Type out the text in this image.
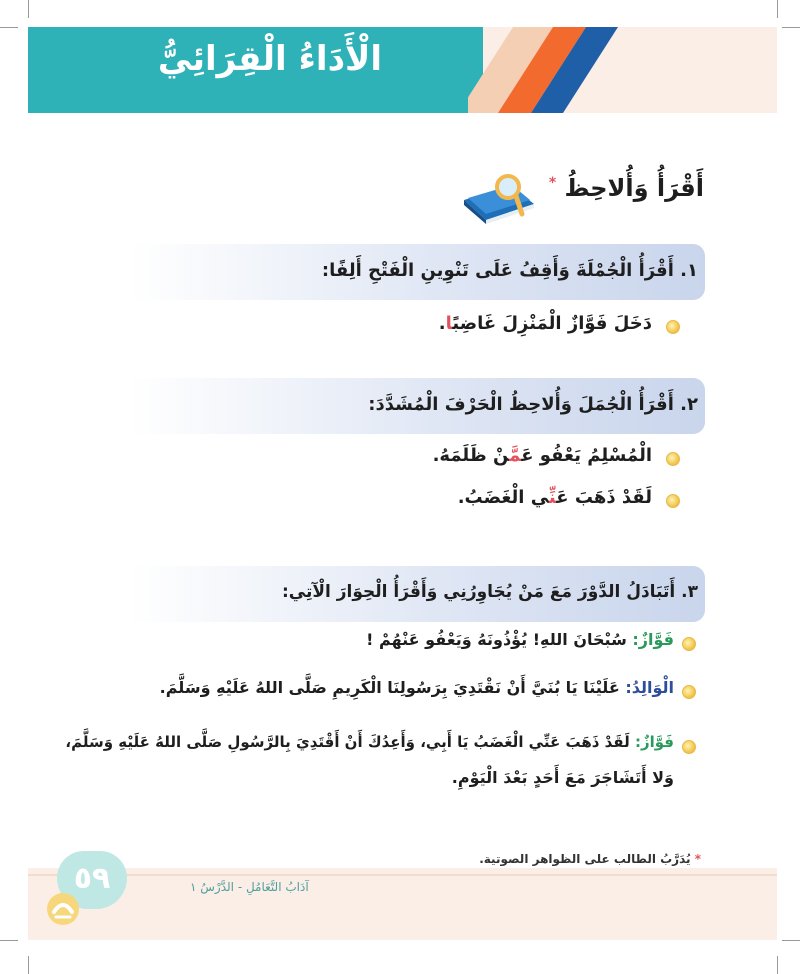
الْأَدَاءُ الْقِرَائِيُّ
أَقْرَأُ وَأُلاحِظُ *
١. أَقْرَأُ الْجُمْلَةَ وَأَقِفُ عَلَى تَنْوِينِ الْفَتْحِ أَلِفًا:
دَخَلَ فَوَّازٌ الْمَنْزِلَ غَاضِبًا.
٢. أَقْرَأُ الْجُمَلَ وَأُلاحِظُ الْحَرْفَ الْمُشَدَّدَ:
الْمُسْلِمُ يَعْفُو عَمَّنْ ظَلَمَهُ.
لَقَدْ ذَهَبَ عَنِّي الْغَضَبُ.
٣. أَتَبَادَلُ الدَّوْرَ مَعَ مَنْ يُجَاوِرُنِي وَأَقْرَأُ الْحِوَارَ الْآتِي:
فَوَّازٌ: سُبْحَانَ اللهِ! يُؤْذُونَهُ وَيَعْفُو عَنْهُمْ !
الْوَالِدُ: عَلَيْنَا يَا بُنَيَّ أَنْ نَقْتَدِيَ بِرَسُولِنَا الْكَرِيمِ صَلَّى اللهُ عَلَيْهِ وَسَلَّمَ.
فَوَّازٌ: لَقَدْ ذَهَبَ عَنِّي الْغَضَبُ يَا أَبِي، وَأَعِدُكَ أَنْ أَقْتَدِيَ بِالرَّسُولِ صَلَّى اللهُ عَلَيْهِ وَسَلَّمَ،
وَلا أَتَشَاجَرَ مَعَ أَحَدٍ بَعْدَ الْيَوْمِ.
* يُدَرَّبُ الطالب على الظواهر الصوتية.
٥٩	آدَابُ التَّعَامُلِ - الدَّرْسُ ١
